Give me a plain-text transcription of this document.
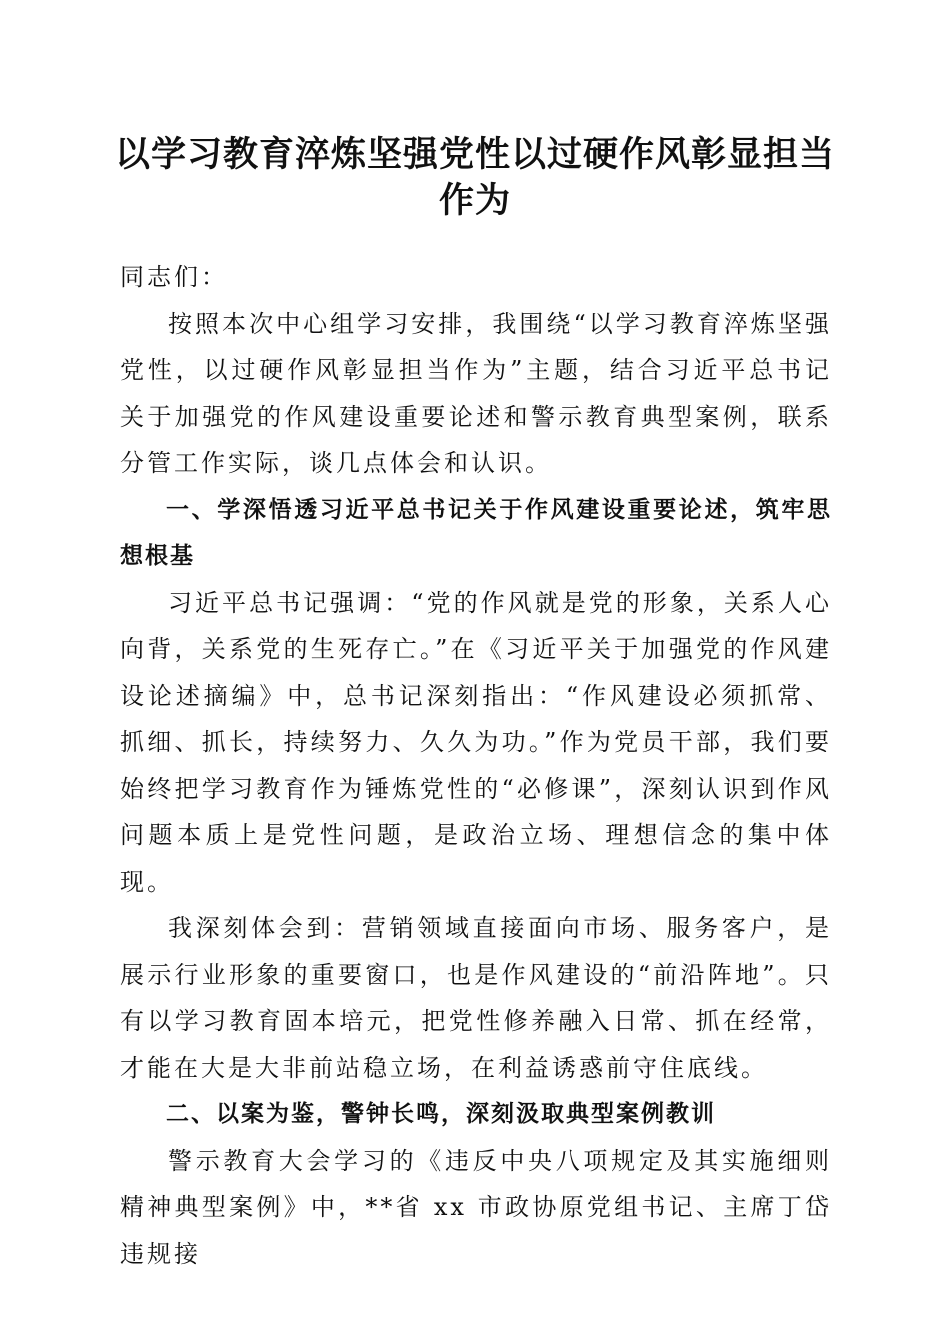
以学习教育淬炼坚强党性以过硬作风彰显担当
作为

同志们：

按照本次中心组学习安排，我围绕“以学习教育淬炼坚强党性，以过硬作风彰显担当作为”主题，结合习近平总书记关于加强党的作风建设重要论述和警示教育典型案例，联系分管工作实际，谈几点体会和认识。

一、学深悟透习近平总书记关于作风建设重要论述，筑牢思想根基

习近平总书记强调：“党的作风就是党的形象，关系人心向背，关系党的生死存亡。”在《习近平关于加强党的作风建设论述摘编》中，总书记深刻指出：“作风建设必须抓常、抓细、抓长，持续努力、久久为功。”作为党员干部，我们要始终把学习教育作为锤炼党性的“必修课”，深刻认识到作风问题本质上是党性问题，是政治立场、理想信念的集中体现。

我深刻体会到：营销领域直接面向市场、服务客户，是展示行业形象的重要窗口，也是作风建设的“前沿阵地”。只有以学习教育固本培元，把党性修养融入日常、抓在经常，才能在大是大非前站稳立场，在利益诱惑前守住底线。

二、以案为鉴，警钟长鸣，深刻汲取典型案例教训

警示教育大会学习的《违反中央八项规定及其实施细则精神典型案例》中，**省 xx 市政协原党组书记、主席丁岱违规接
